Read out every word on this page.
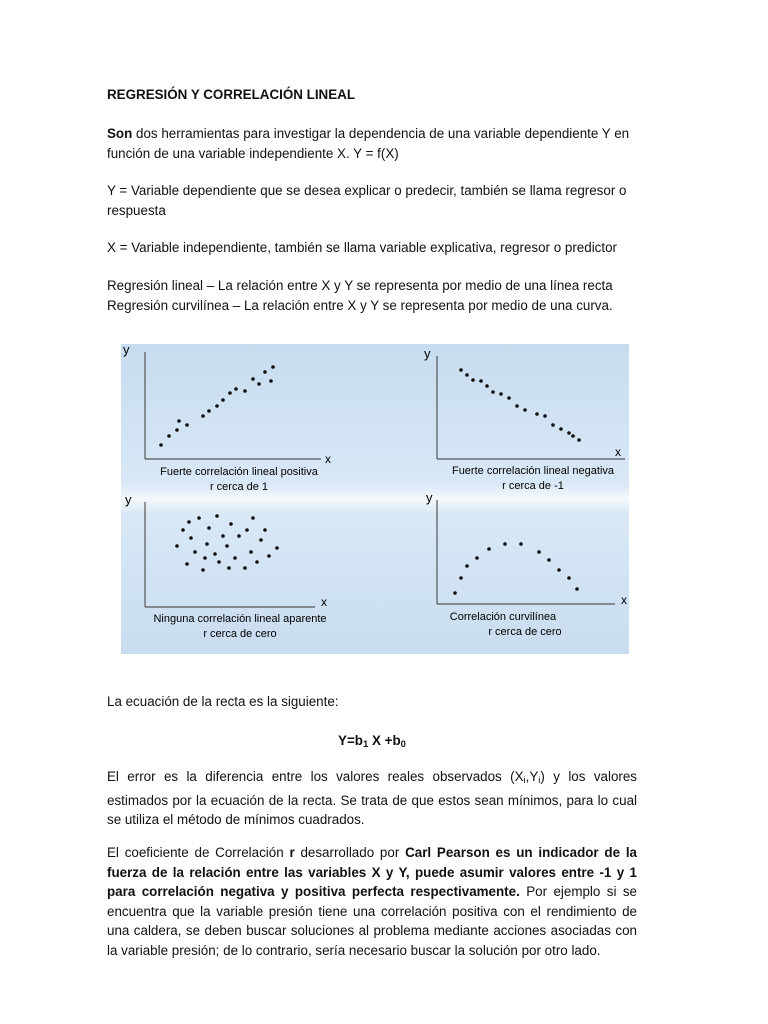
REGRESIÓN Y CORRELACIÓN LINEAL

Son dos herramientas para investigar la dependencia de una variable dependiente Y en función de una variable independiente X. Y = f(X)

Y = Variable dependiente que se desea explicar o predecir, también se llama regresor o respuesta

X = Variable independiente, también se llama variable explicativa, regresor o predictor

Regresión lineal – La relación entre X y Y se representa por medio de una línea recta

Regresión curvilínea – La relación entre X y Y se representa por medio de una curva.

y
x
Fuerte correlación lineal positiva
r cerca de 1
y
x
Fuerte correlación lineal negativa
r cerca de -1
y
x
Ninguna correlación lineal aparente
r cerca de cero
y
x
Correlación curvilínea
r cerca de cero

La ecuación de la recta es la siguiente:

$Y=b_1$ $X +b_0$

El error es la diferencia entre los valores reales observados $(X_i,Y_i)$ y los valores estimados por la ecuación de la recta. Se trata de que estos sean mínimos, para lo cual se utiliza el método de mínimos cuadrados.

El coeficiente de Correlación r desarrollado por Carl Pearson es un indicador de la fuerza de la relación entre las variables X y Y, puede asumir valores entre -1 y 1 para correlación negativa y positiva perfecta respectivamente. Por ejemplo si se encuentra que la variable presión tiene una correlación positiva con el rendimiento de una caldera, se deben buscar soluciones al problema mediante acciones asociadas con la variable presión; de lo contrario, sería necesario buscar la solución por otro lado.
